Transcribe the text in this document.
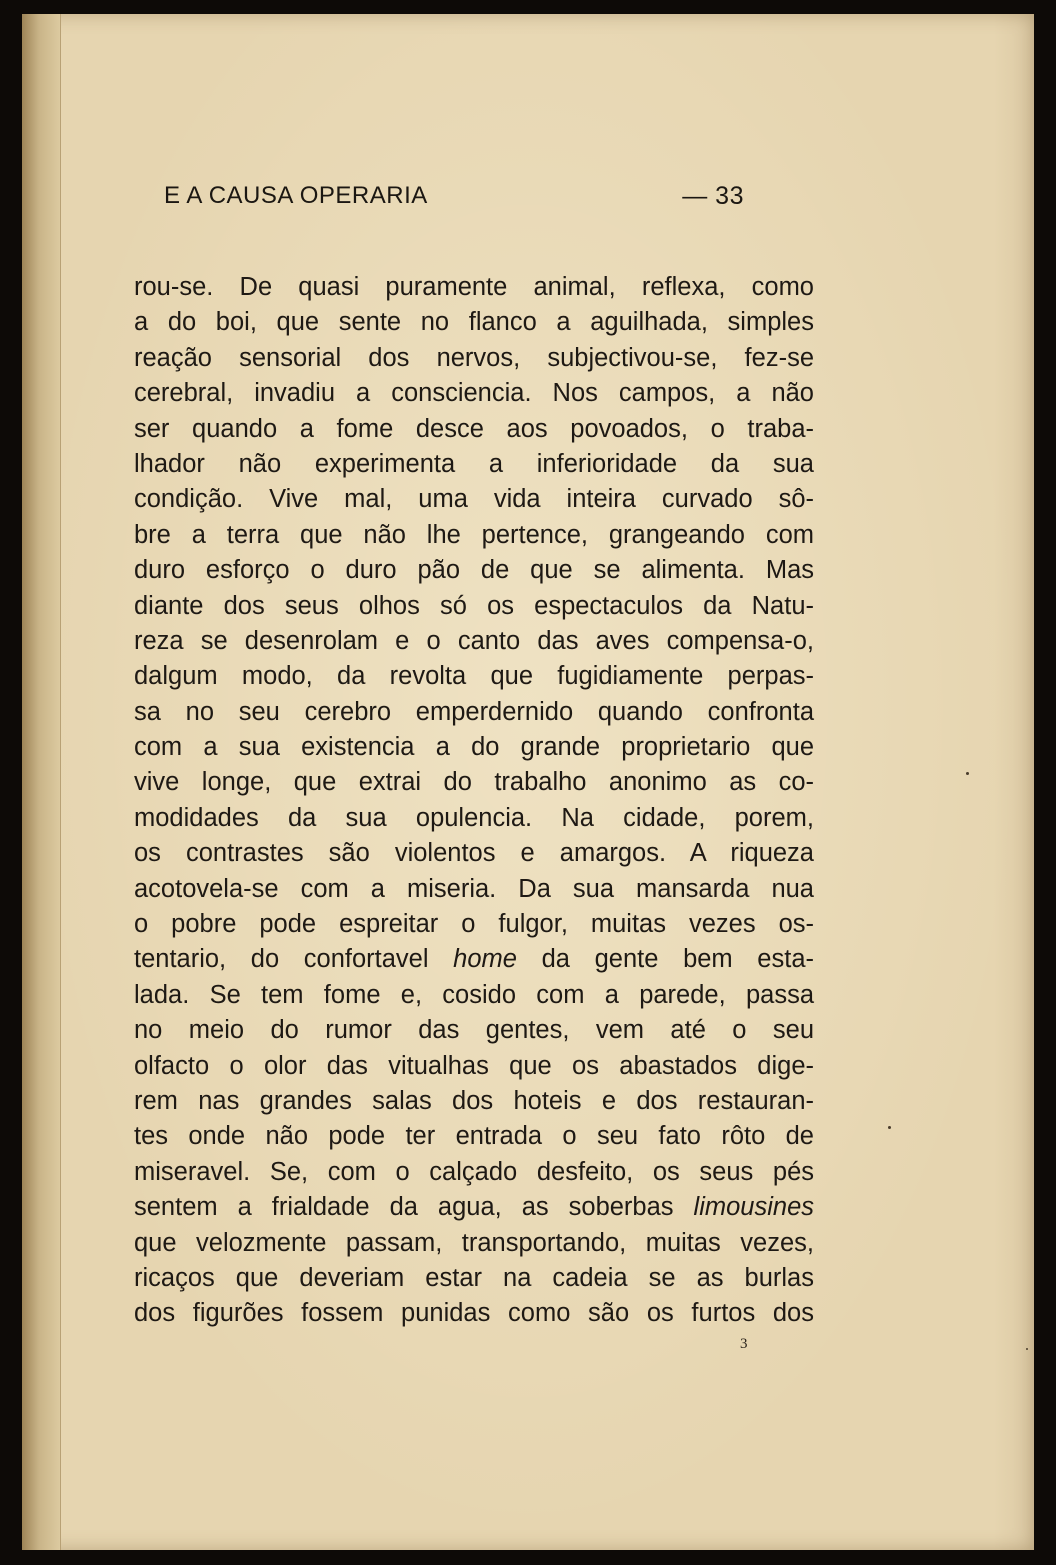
E A CAUSA OPERARIA	— 33
rou-se. De quasi puramente animal, reflexa, como
a do boi, que sente no flanco a aguilhada, simples
reação sensorial dos nervos, subjectivou-se, fez-se
cerebral, invadiu a consciencia. Nos campos, a não
ser quando a fome desce aos povoados, o traba-
lhador não experimenta a inferioridade da sua
condição. Vive mal, uma vida inteira curvado sô-
bre a terra que não lhe pertence, grangeando com
duro esforço o duro pão de que se alimenta. Mas
diante dos seus olhos só os espectaculos da Natu-
reza se desenrolam e o canto das aves compensa-o,
dalgum modo, da revolta que fugidiamente perpas-
sa no seu cerebro emperdernido quando confronta
com a sua existencia a do grande proprietario que
vive longe, que extrai do trabalho anonimo as co-
modidades da sua opulencia. Na cidade, porem,
os contrastes são violentos e amargos. A riqueza
acotovela-se com a miseria. Da sua mansarda nua
o pobre pode espreitar o fulgor, muitas vezes os-
tentario, do confortavel home da gente bem esta-
lada. Se tem fome e, cosido com a parede, passa
no meio do rumor das gentes, vem até o seu
olfacto o olor das vitualhas que os abastados dige-
rem nas grandes salas dos hoteis e dos restauran-
tes onde não pode ter entrada o seu fato rôto de
miseravel. Se, com o calçado desfeito, os seus pés
sentem a frialdade da agua, as soberbas limousines
que velozmente passam, transportando, muitas vezes,
ricaços que deveriam estar na cadeia se as burlas
dos figurões fossem punidas como são os furtos dos
3
